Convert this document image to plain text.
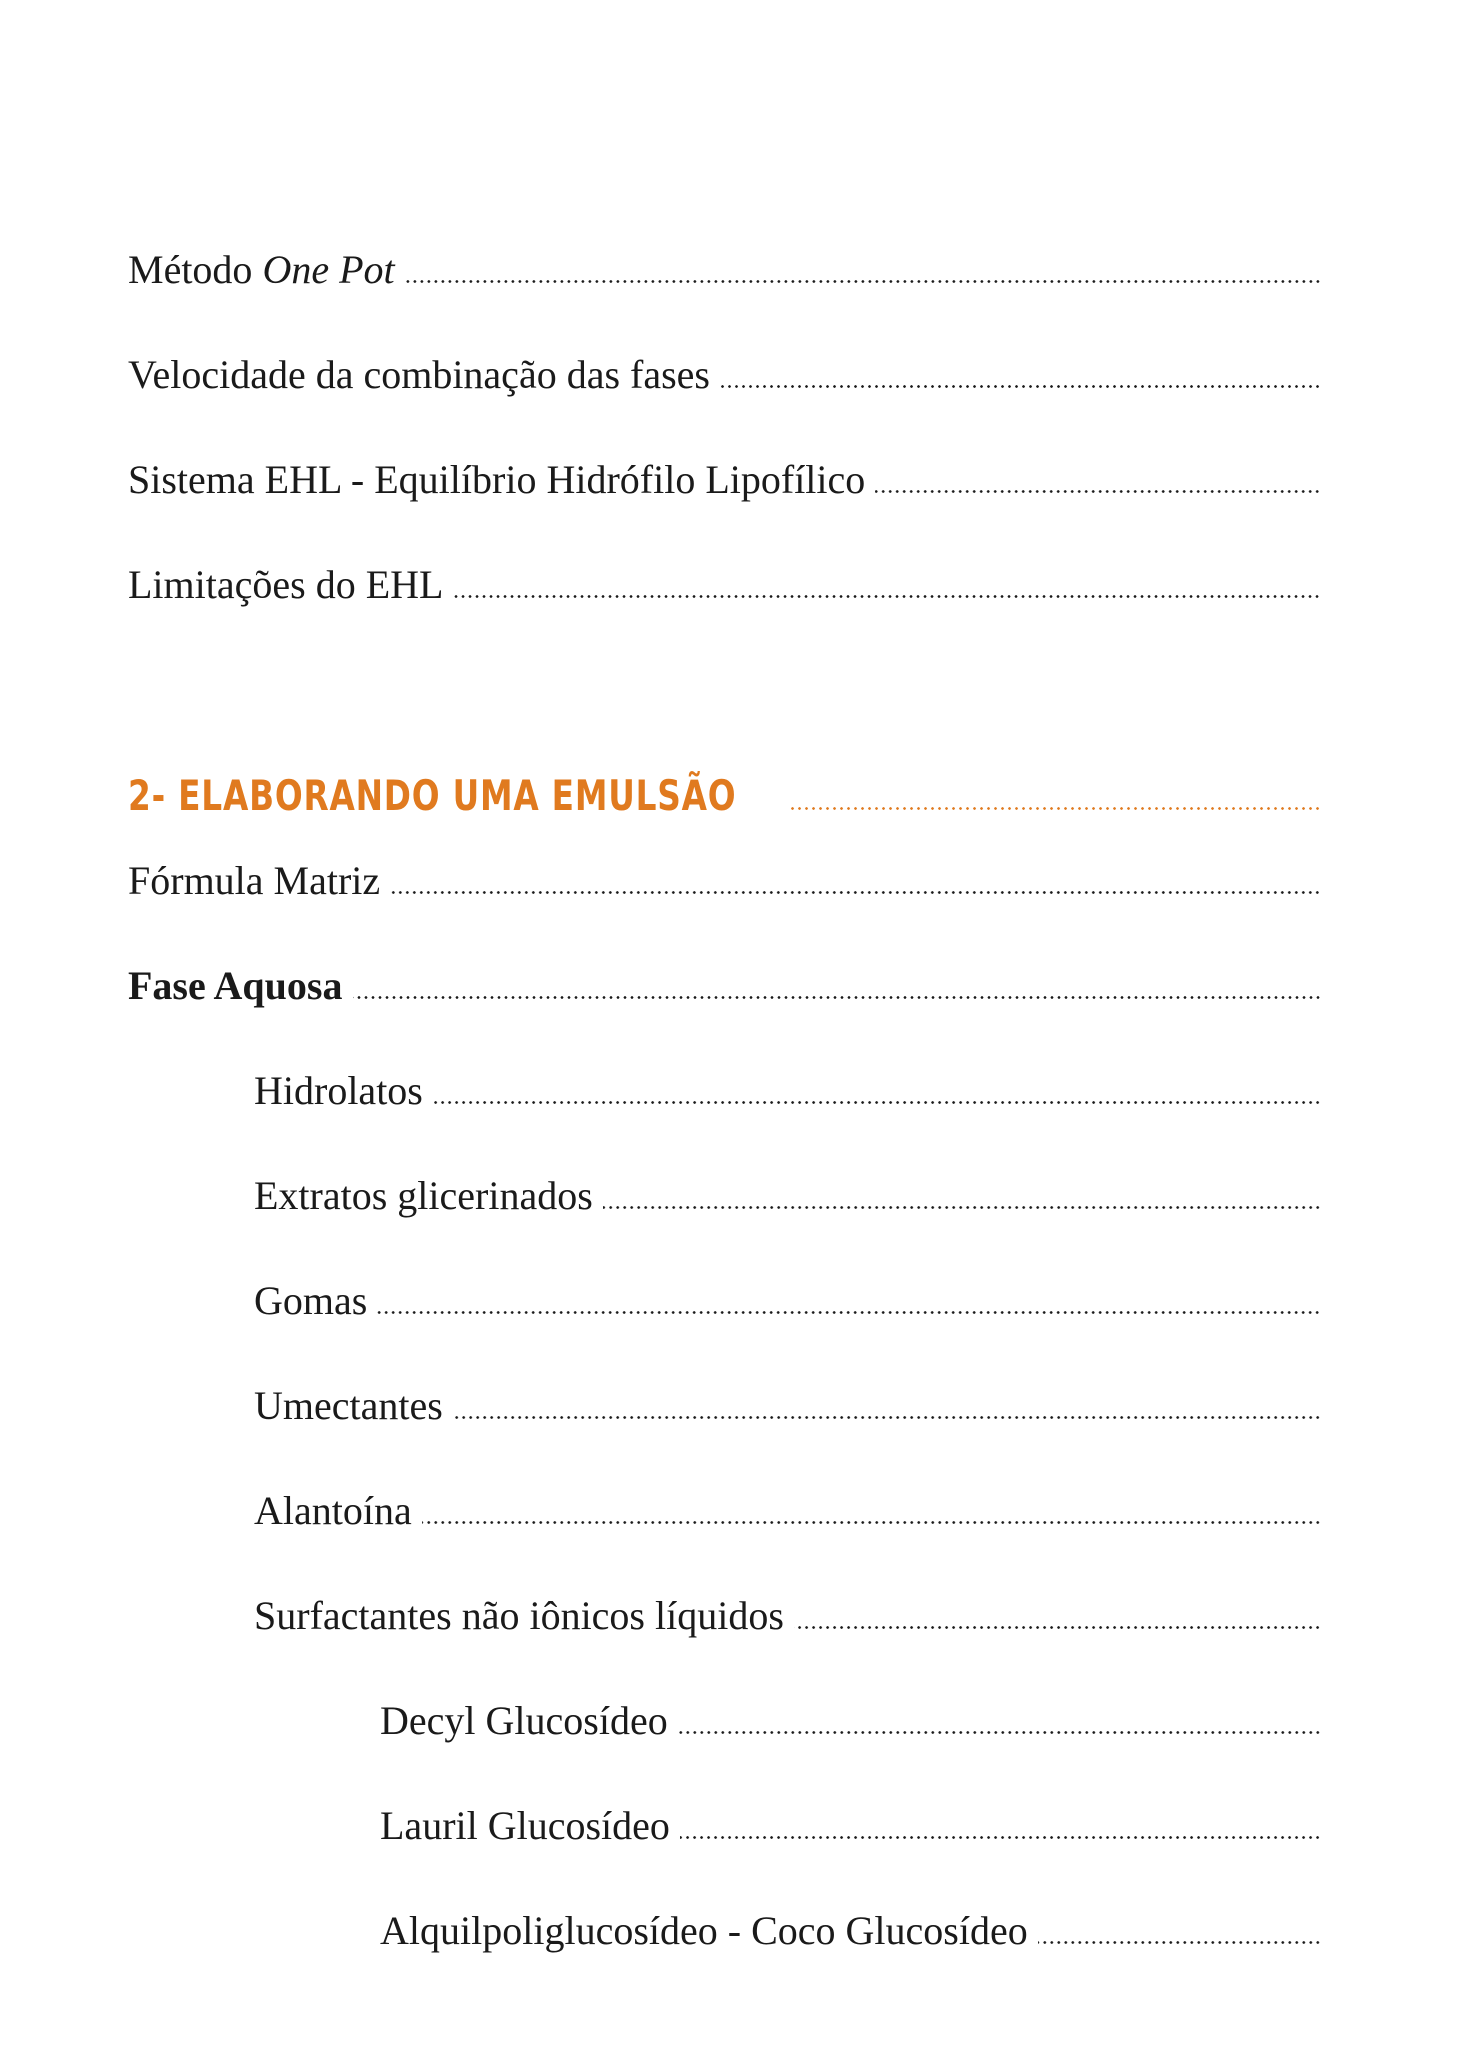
Método One Pot
Velocidade da combinação das fases
Sistema EHL - Equilíbrio Hidrófilo Lipofílico
Limitações do EHL
2- ELABORANDO UMA EMULSÃO
Fórmula Matriz
Fase Aquosa
Hidrolatos
Extratos glicerinados
Gomas
Umectantes
Alantoína
Surfactantes não iônicos líquidos
Decyl Glucosídeo
Lauril Glucosídeo
Alquilpoliglucosídeo - Coco Glucosídeo
